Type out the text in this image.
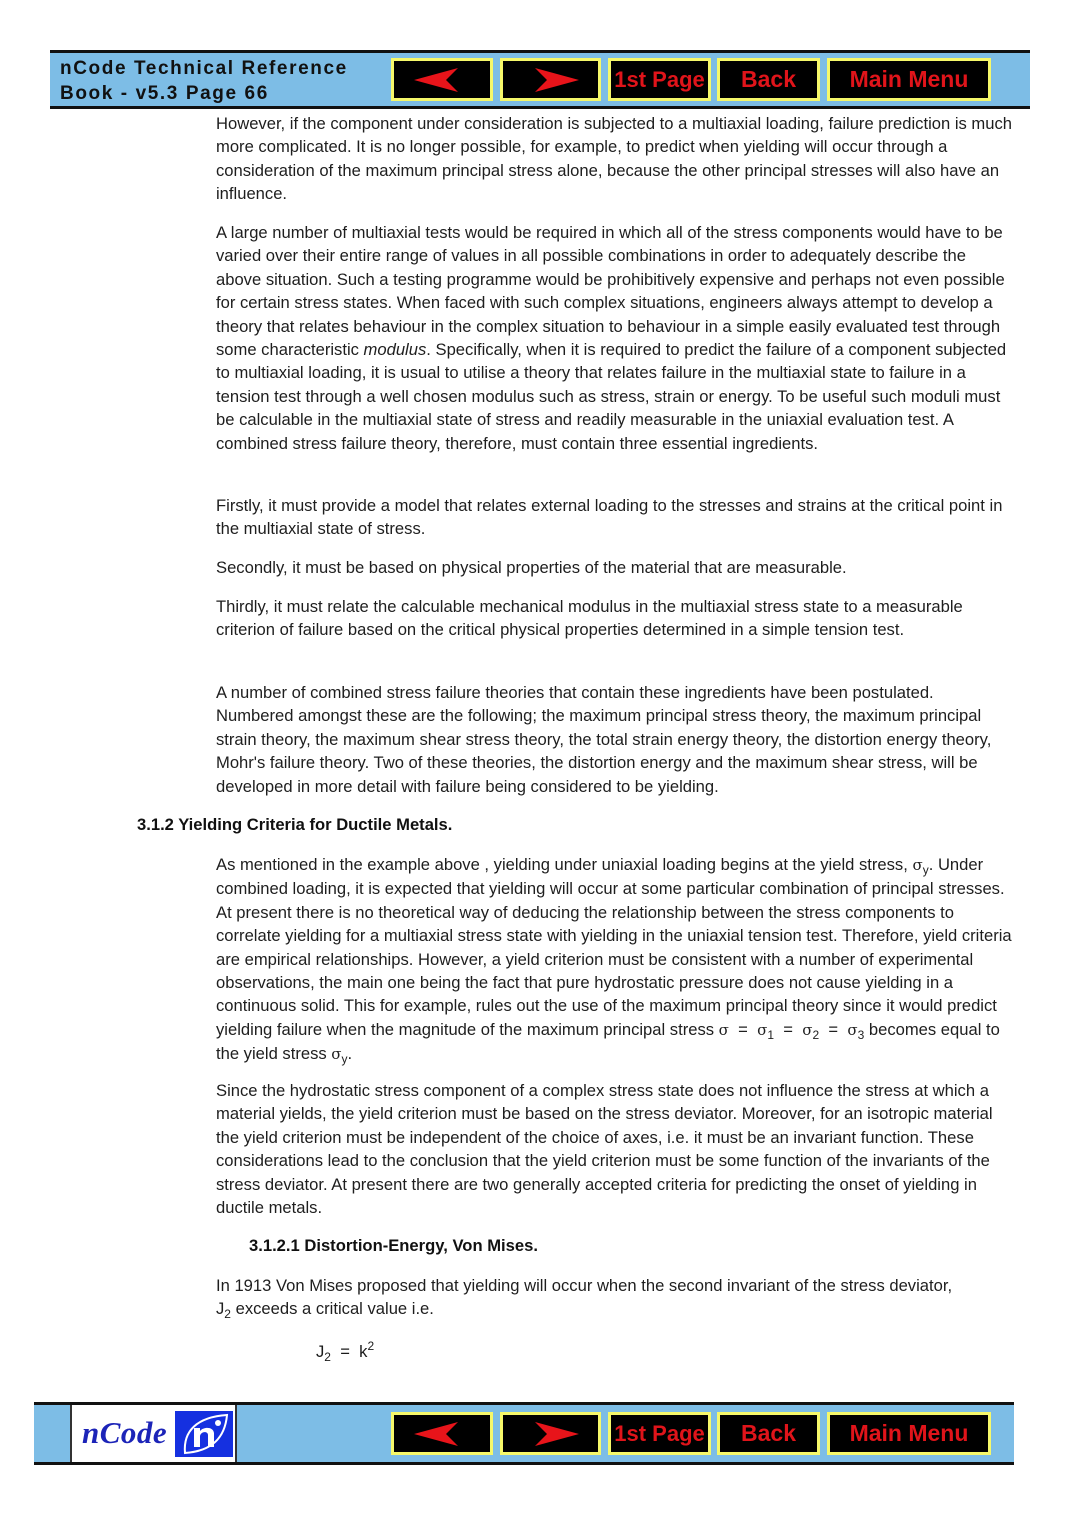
nCode Technical Reference
Book - v5.3 Page 66
1st Page	Back	Main Menu

However, if the component under consideration is subjected to a multiaxial loading, failure prediction is much more complicated. It is no longer possible, for example, to predict when yielding will occur through a consideration of the maximum principal stress alone, because the other principal stresses will also have an influence.

A large number of multiaxial tests would be required in which all of the stress components would have to be varied over their entire range of values in all possible combinations in order to adequately describe the above situation. Such a testing programme would be prohibitively expensive and perhaps not even possible for certain stress states. When faced with such complex situations, engineers always attempt to develop a theory that relates behaviour in the complex situation to behaviour in a simple easily evaluated test through some characteristic modulus. Specifically, when it is required to predict the failure of a component subjected to multiaxial loading, it is usual to utilise a theory that relates failure in the multiaxial state to failure in a tension test through a well chosen modulus such as stress, strain or energy. To be useful such moduli must be calculable in the multiaxial state of stress and readily measurable in the uniaxial evaluation test. A combined stress failure theory, therefore, must contain three essential ingredients.

Firstly, it must provide a model that relates external loading to the stresses and strains at the critical point in the multiaxial state of stress.

Secondly, it must be based on physical properties of the material that are measurable.

Thirdly, it must relate the calculable mechanical modulus in the multiaxial stress state to a measurable criterion of failure based on the critical physical properties determined in a simple tension test.

A number of combined stress failure theories that contain these ingredients have been postulated. Numbered amongst these are the following; the maximum principal stress theory, the maximum principal strain theory, the maximum shear stress theory, the total strain energy theory, the distortion energy theory, Mohr's failure theory. Two of these theories, the distortion energy and the maximum shear stress, will be developed in more detail with failure being considered to be yielding.

3.1.2 Yielding Criteria for Ductile Metals.

As mentioned in the example above , yielding under uniaxial loading begins at the yield stress, $\sigma_y$. Under combined loading, it is expected that yielding will occur at some particular combination of principal stresses. At present there is no theoretical way of deducing the relationship between the stress components to correlate yielding for a multiaxial stress state with yielding in the uniaxial tension test. Therefore, yield criteria are empirical relationships. However, a yield criterion must be consistent with a number of experimental observations, the main one being the fact that pure hydrostatic pressure does not cause yielding in a continuous solid. This for example, rules out the use of the maximum principal theory since it would predict yielding failure when the magnitude of the maximum principal stress $\sigma = \sigma_1 = \sigma_2 = \sigma_3$ becomes equal to the yield stress $\sigma_y$.

Since the hydrostatic stress component of a complex stress state does not influence the stress at which a material yields, the yield criterion must be based on the stress deviator. Moreover, for an isotropic material the yield criterion must be independent of the choice of axes, i.e. it must be an invariant function. These considerations lead to the conclusion that the yield criterion must be some function of the invariants of the stress deviator. At present there are two generally accepted criteria for predicting the onset of yielding in ductile metals.

3.1.2.1 Distortion-Energy, Von Mises.

In 1913 Von Mises proposed that yielding will occur when the second invariant of the stress deviator,
$J_2$ exceeds a critical value i.e.

$J_2 = k^2$
nCode	1st Page	Back	Main Menu
